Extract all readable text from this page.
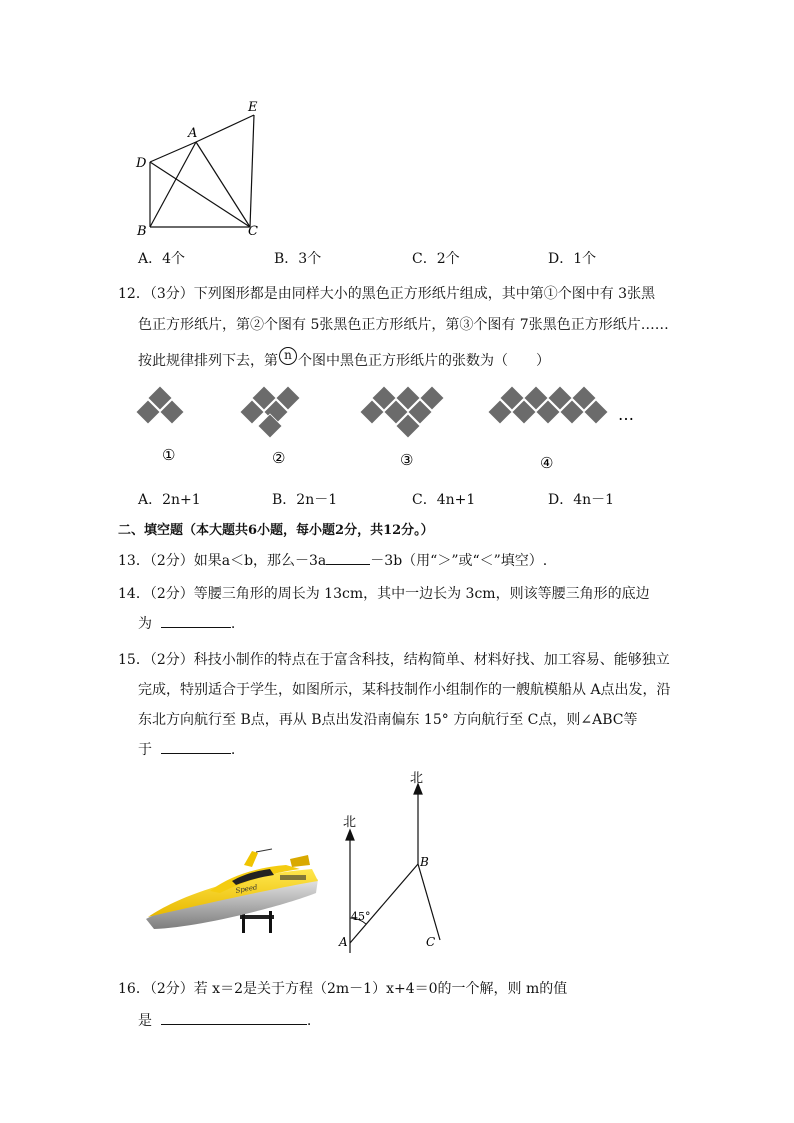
E
A
D
B	C
A．4个	B．3个	C．2个	D．1个
12．（3分）下列图形都是由同样大小的黑色正方形纸片组成，其中第①个图中有 3张黑
色正方形纸片，第②个图有 5张黑色正方形纸片，第③个图有 7张黑色正方形纸片……
按此规律排列下去，第 n 个图中黑色正方形纸片的张数为（　　）
…
①	②	③	④
A．2n+1	B．2n－1	C．4n+1	D．4n－1
二、填空题（本大题共6小题，每小题2分，共12分。）
13．（2分）如果a＜b，那么－3a	－3b（用“＞”或“＜”填空）.
14．（2分）等腰三角形的周长为 13cm，其中一边长为 3cm，则该等腰三角形的底边
为	.
15．（2分）科技小制作的特点在于富含科技，结构简单、材料好找、加工容易、能够独立
完成，特别适合于学生，如图所示，某科技制作小组制作的一艘航模船从 A点出发，沿
东北方向航行至 B点，再从 B点出发沿南偏东 15° 方向航行至 C点，则∠ABC等
于	.
Speed
北
北
45°
A
B
C
16．（2分）若 x＝2是关于方程（2m－1）x+4＝0的一个解，则 m的值
是	.
